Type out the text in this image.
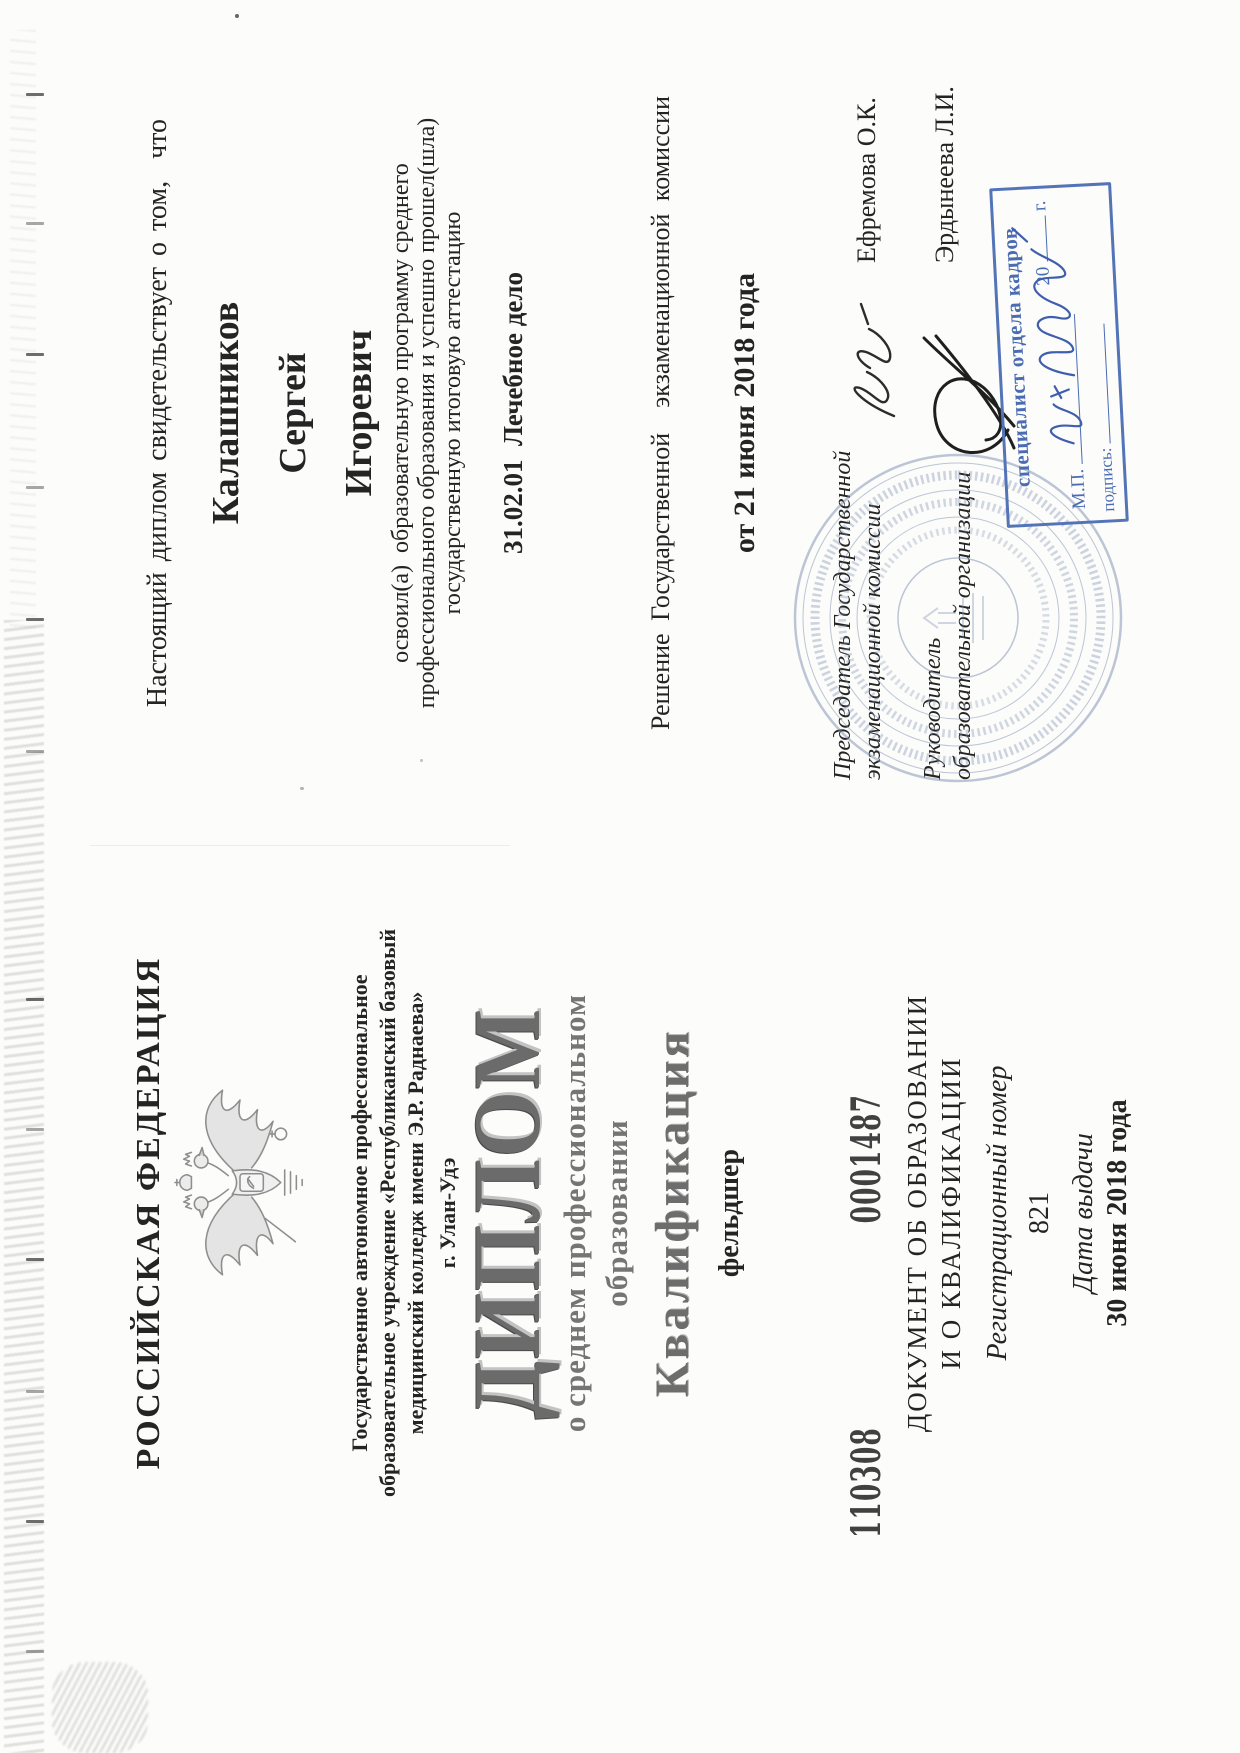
РОССИЙСКАЯ ФЕДЕРАЦИЯ	Государственное автономное профессиональное образовательное учреждение «Республиканский базовый медицинский колледж имени Э.Р. Раднаева» г. Улан-Удэ
ДИПЛОМ
о среднем профессиональном образовании Квалификация фельдшер
1103080001487 ДОКУМЕНТ ОБ ОБРАЗОВАНИИ И О КВАЛИФИКАЦИИ Регистрационный номер 821 Дата выдачи 30 июня 2018 года
Настоящий диплом свидетельствует о том,  что Калашников Сергей Игоревич освоил(а)  образовательную программу среднего профессионального образования и успешно прошел(шла) государственную итоговую аттестацию 31.02.01  Лечебное дело	Решение Государственной  экзаменационной комиссии от 21 июня 2018 года
Председатель Государственной экзаменационной комиссии
Ефремова О.К.
Руководитель образовательной организации
Эрдынеева Л.И.
специалист отдела кадров
20  г.
М.П. подпись:
